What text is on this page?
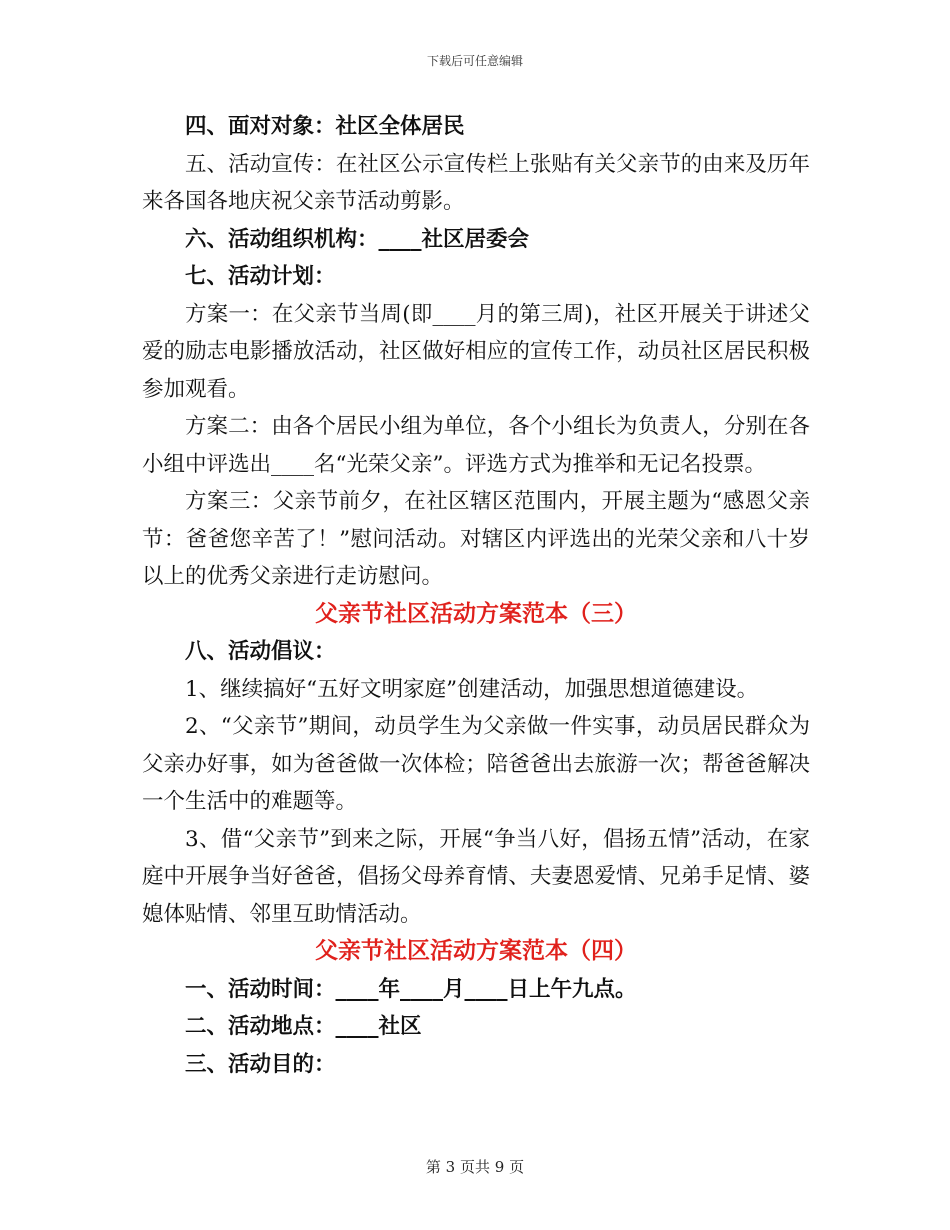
下载后可任意编辑

四、面对对象：社区全体居民

五、活动宣传：在社区公示宣传栏上张贴有关父亲节的由来及历年来各国各地庆祝父亲节活动剪影。

六、活动组织机构：____社区居委会

七、活动计划：

方案一：在父亲节当周(即____月的第三周)，社区开展关于讲述父爱的励志电影播放活动，社区做好相应的宣传工作，动员社区居民积极参加观看。

方案二：由各个居民小组为单位，各个小组长为负责人，分别在各小组中评选出____名“光荣父亲”。评选方式为推举和无记名投票。

方案三：父亲节前夕，在社区辖区范围内，开展主题为“感恩父亲节：爸爸您辛苦了！”慰问活动。对辖区内评选出的光荣父亲和八十岁以上的优秀父亲进行走访慰问。

父亲节社区活动方案范本（三）

八、活动倡议：

1、继续搞好“五好文明家庭”创建活动，加强思想道德建设。

2、“父亲节”期间，动员学生为父亲做一件实事，动员居民群众为父亲办好事，如为爸爸做一次体检；陪爸爸出去旅游一次；帮爸爸解决一个生活中的难题等。

3、借“父亲节”到来之际，开展“争当八好，倡扬五情”活动，在家庭中开展争当好爸爸，倡扬父母养育情、夫妻恩爱情、兄弟手足情、婆媳体贴情、邻里互助情活动。

父亲节社区活动方案范本（四）

一、活动时间：____年____月____日上午九点。

二、活动地点：____社区

三、活动目的：

第 3 页共 9 页
